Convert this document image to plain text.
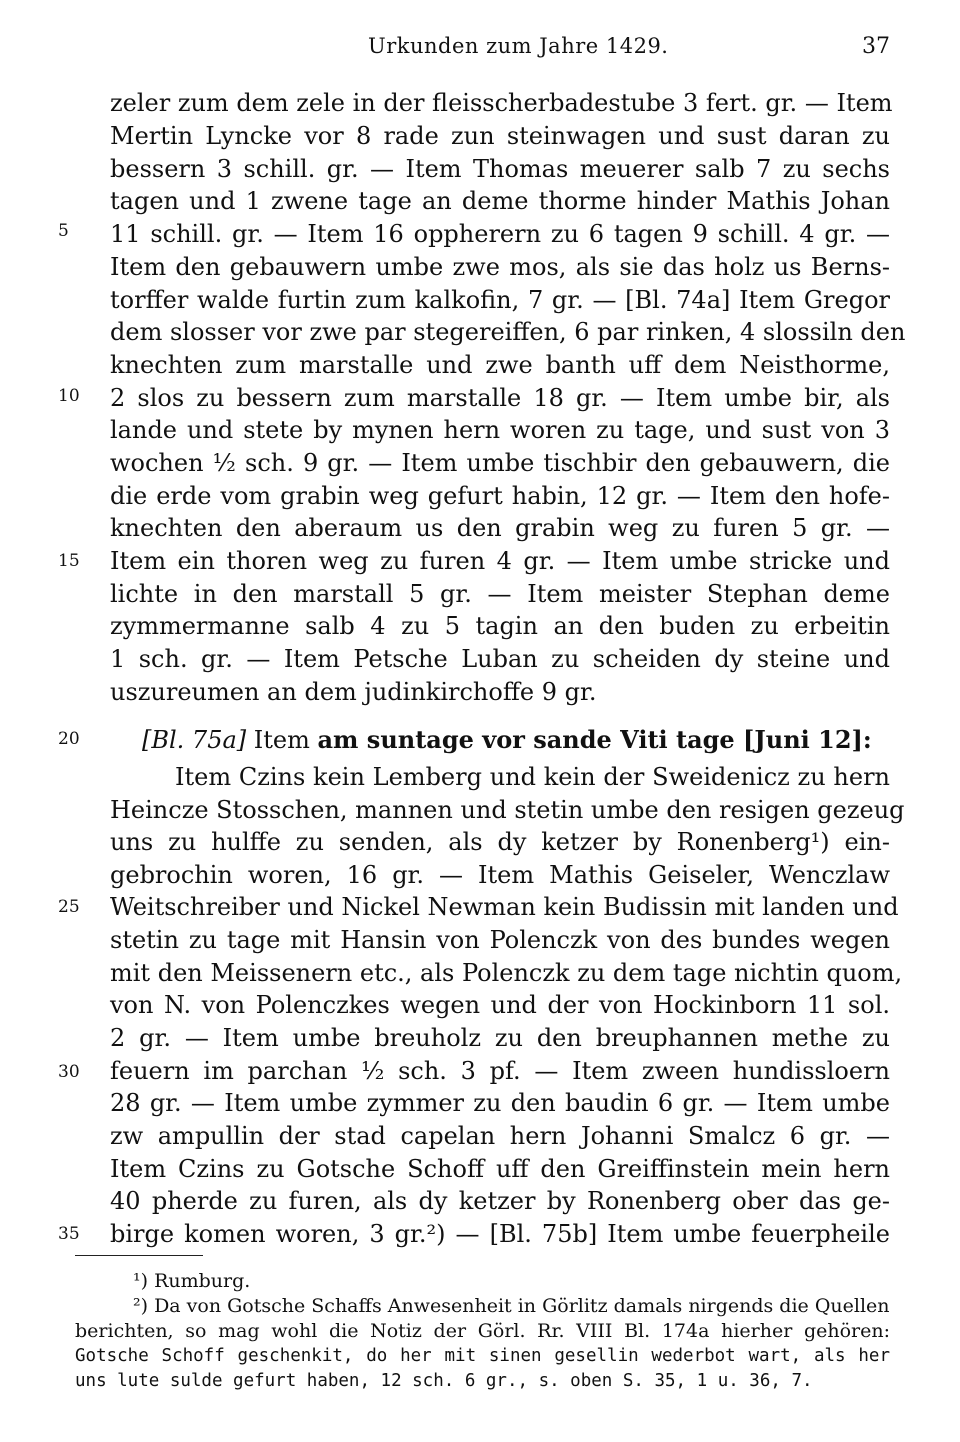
Urkunden zum Jahre 1429.	37
5
10
15
20
25
30
35
zeler zum dem zele in der fleisscherbadestube 3 fert. gr. — Item
Mertin Lyncke vor 8 rade zun steinwagen und sust daran zu
bessern 3 schill. gr. — Item Thomas meuerer salb 7 zu sechs
tagen und 1 zwene tage an deme thorme hinder Mathis Johan
11 schill. gr. — Item 16 oppherern zu 6 tagen 9 schill. 4 gr. —
Item den gebauwern umbe zwe mos, als sie das holz us Berns-
torffer walde furtin zum kalkofin, 7 gr. — [Bl. 74a] Item Gregor
dem slosser vor zwe par stegereiffen, 6 par rinken, 4 slossiln den
knechten zum marstalle und zwe banth uff dem Neisthorme,
2 slos zu bessern zum marstalle 18 gr. — Item umbe bir, als
lande und stete by mynen hern woren zu tage, und sust von 3
wochen ½ sch. 9 gr. — Item umbe tischbir den gebauwern, die
die erde vom grabin weg gefurt habin, 12 gr. — Item den hofe-
knechten den aberaum us den grabin weg zu furen 5 gr. —
Item ein thoren weg zu furen 4 gr. — Item umbe stricke und
lichte in den marstall 5 gr. — Item meister Stephan deme
zymmermanne salb 4 zu 5 tagin an den buden zu erbeitin
1 sch. gr. — Item Petsche Luban zu scheiden dy steine und
uszureumen an dem judinkirchoffe 9 gr.
[Bl. 75a] Item am suntage vor sande Viti tage [Juni 12]:
Item Czins kein Lemberg und kein der Sweidenicz zu hern
Heincze Stosschen, mannen und stetin umbe den resigen gezeug
uns zu hulffe zu senden, als dy ketzer by Ronenberg¹) ein-
gebrochin woren, 16 gr. — Item Mathis Geiseler, Wenczlaw
Weitschreiber und Nickel Newman kein Budissin mit landen und
stetin zu tage mit Hansin von Polenczk von des bundes wegen
mit den Meissenern etc., als Polenczk zu dem tage nichtin quom,
von N. von Polenczkes wegen und der von Hockinborn 11 sol.
2 gr. — Item umbe breuholz zu den breuphannen methe zu
feuern im parchan ½ sch. 3 pf. — Item zween hundissloern
28 gr. — Item umbe zymmer zu den baudin 6 gr. — Item umbe
zw ampullin der stad capelan hern Johanni Smalcz 6 gr. —
Item Czins zu Gotsche Schoff uff den Greiffinstein mein hern
40 pherde zu furen, als dy ketzer by Ronenberg ober das ge-
birge komen woren, 3 gr.²) — [Bl. 75b] Item umbe feuerpheile
¹) Rumburg.
²) Da von Gotsche Schaffs Anwesenheit in Görlitz damals nirgends die Quellen
berichten, so mag wohl die Notiz der Görl. Rr. VIII Bl. 174a hierher gehören:
Gotsche Schoff geschenkit, do her mit sinen gesellin wederbot wart, als her
uns lute sulde gefurt haben, 12 sch. 6 gr., s. oben S. 35, 1 u. 36, 7.
